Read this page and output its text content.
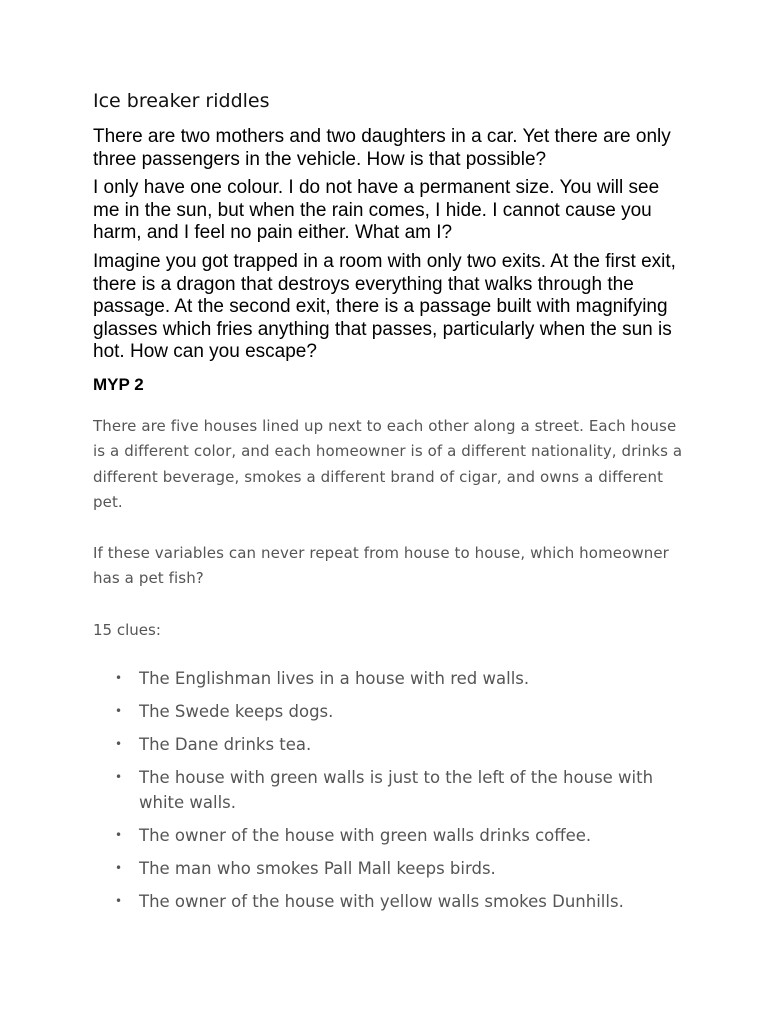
Ice breaker riddles

There are two mothers and two daughters in a car. Yet there are only three passengers in the vehicle. How is that possible?

I only have one colour. I do not have a permanent size. You will see me in the sun, but when the rain comes, I hide. I cannot cause you harm, and I feel no pain either. What am I?

Imagine you got trapped in a room with only two exits. At the first exit, there is a dragon that destroys everything that walks through the passage. At the second exit, there is a passage built with magnifying glasses which fries anything that passes, particularly when the sun is hot. How can you escape?

MYP 2

There are five houses lined up next to each other along a street. Each house is a different color, and each homeowner is of a different nationality, drinks a different beverage, smokes a different brand of cigar, and owns a different pet.

If these variables can never repeat from house to house, which homeowner has a pet fish?

15 clues:

• The Englishman lives in a house with red walls.
• The Swede keeps dogs.
• The Dane drinks tea.
• The house with green walls is just to the left of the house with white walls.
• The owner of the house with green walls drinks coffee.
• The man who smokes Pall Mall keeps birds.
• The owner of the house with yellow walls smokes Dunhills.
